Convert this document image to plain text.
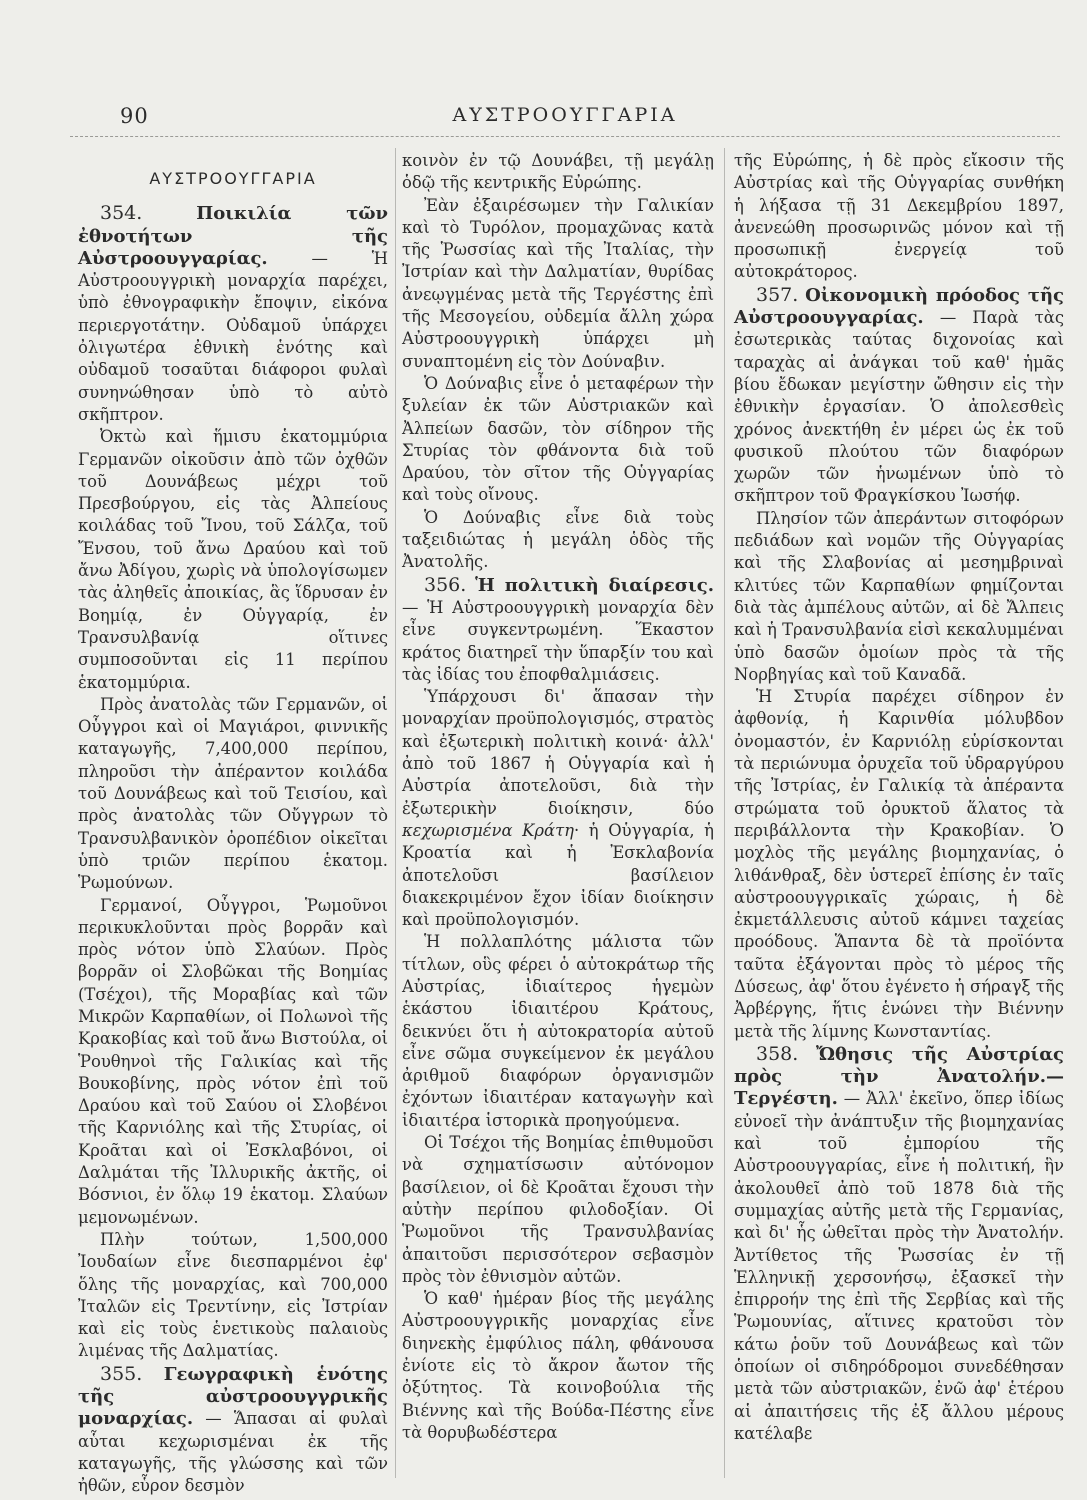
90	ΑΥΣΤΡΟΟΥΓΓΑΡΙΑ
ΑΥΣΤΡΟΟΥΓΓΑΡΙΑ

354.	Ποικιλία τῶν ἐθνοτήτων τῆς Αὐστροουγγαρίας. — Ἡ Αὐστροουγγρικὴ μοναρχία παρέχει, ὑπὸ ἐθνογραφικὴν ἔποψιν, εἰκόνα περιεργοτάτην. Οὐδαμοῦ ὑπάρχει ὀλιγωτέρα ἐθνικὴ ἑνότης καὶ οὐδαμοῦ τοσαῦται διάφοροι φυλαὶ συνηνώθησαν ὑπὸ τὸ αὐτὸ σκῆπτρον.

Ὀκτὼ καὶ ἥμισυ ἑκατομμύρια Γερμανῶν οἰκοῦσιν ἀπὸ τῶν ὀχθῶν τοῦ Δουνάβεως μέχρι τοῦ Πρεσβούργου, εἰς τὰς Ἀλπείους κοιλάδας τοῦ Ἴνου, τοῦ Σάλζα, τοῦ Ἔνσου, τοῦ ἄνω Δραύου καὶ τοῦ ἄνω Ἀδίγου, χωρὶς νὰ ὑπολογίσωμεν τὰς ἀληθεῖς ἀποικίας, ἃς ἵδρυσαν ἐν Βοημίᾳ, ἐν Οὑγγαρίᾳ, ἐν Τρανσυλβανίᾳ οἵτινες συμποσοῦνται εἰς 11 περίπου ἑκατομμύρια.

Πρὸς ἀνατολὰς τῶν Γερμανῶν, οἱ Οὗγγροι καὶ οἱ Μαγιάροι, φιννικῆς καταγωγῆς, 7,400,000 περίπου, πληροῦσι τὴν ἀπέραντον κοιλάδα τοῦ Δουνάβεως καὶ τοῦ Τεισίου, καὶ πρὸς ἀνατολὰς τῶν Οὔγγρων τὸ Τρανσυλβανικὸν ὀροπέδιον οἰκεῖται ὑπὸ τριῶν περίπου ἑκατομ. Ῥωμούνων.

Γερμανοί, Οὗγγροι, Ῥωμοῦνοι περικυκλοῦνται πρὸς βορρᾶν καὶ πρὸς νότον ὑπὸ Σλαύων. Πρὸς βορρᾶν οἱ Σλοβῶκαι τῆς Βοημίας (Τσέχοι), τῆς Μοραβίας καὶ τῶν Μικρῶν Καρπαθίων, οἱ Πολωνοὶ τῆς Κρακοβίας καὶ τοῦ ἄνω Βιστούλα, οἱ Ῥουθηνοὶ τῆς Γαλικίας καὶ τῆς Βουκοβίνης, πρὸς νότον ἐπὶ τοῦ Δραύου καὶ τοῦ Σαύου οἱ Σλοβένοι τῆς Καρνιόλης καὶ τῆς Στυρίας, οἱ Κροᾶται καὶ οἱ Ἐσκλαβόνοι, οἱ Δαλμάται τῆς Ἰλλυρικῆς ἀκτῆς, οἱ Βόσνιοι, ἐν ὅλῳ 19 ἑκατομ. Σλαύων μεμονωμένων.

Πλὴν τούτων, 1,500,000 Ἰουδαίων εἶνε διεσπαρμένοι ἐφ' ὅλης τῆς μοναρχίας, καὶ 700,000 Ἰταλῶν εἰς Τρεντίνην, εἰς Ἰστρίαν καὶ εἰς τοὺς ἑνετικοὺς παλαιοὺς λιμένας τῆς Δαλματίας.

355. Γεωγραφικὴ ἑνότης τῆς αὐστροουγγρικῆς μοναρχίας. — Ἅπασαι αἱ φυλαὶ αὗται κεχωρισμέναι ἐκ τῆς καταγωγῆς, τῆς γλώσσης καὶ τῶν ἠθῶν, εὗρον δεσμὸν

κοινὸν ἐν τῷ Δουνάβει, τῇ μεγάλῃ ὁδῷ τῆς κεντρικῆς Εὐρώπης.

Ἐὰν ἐξαιρέσωμεν τὴν Γαλικίαν καὶ τὸ Τυρόλον, προμαχῶνας κατὰ τῆς Ῥωσσίας καὶ τῆς Ἰταλίας, τὴν Ἰστρίαν καὶ τὴν Δαλματίαν, θυρίδας ἀνεῳγμένας μετὰ τῆς Τεργέστης ἐπὶ τῆς Μεσογείου, οὐδεμία ἄλλη χώρα Αὐστροουγγρικὴ ὑπάρχει μὴ συναπτομένη εἰς τὸν Δούναβιν.

Ὁ Δούναβις εἶνε ὁ μεταφέρων τὴν ξυλείαν ἐκ τῶν Αὐστριακῶν καὶ Ἀλπείων δασῶν, τὸν σίδηρον τῆς Στυρίας τὸν φθάνοντα διὰ τοῦ Δραύου, τὸν σῖτον τῆς Οὑγγαρίας καὶ τοὺς οἴνους.

Ὁ Δούναβις εἶνε διὰ τοὺς ταξειδιώτας ἡ μεγάλη ὁδὸς τῆς Ἀνατολῆς.

356. Ἡ πολιτικὴ διαίρεσις. — Ἡ Αὐστροουγγρικὴ μοναρχία δὲν εἶνε συγκεντρωμένη. Ἕκαστον κράτος διατηρεῖ τὴν ὕπαρξίν του καὶ τὰς ἰδίας του ἐποφθαλμιάσεις.

Ὑπάρχουσι δι' ἅπασαν τὴν μοναρχίαν προϋπολογισμός, στρατὸς καὶ ἐξωτερικὴ πολιτικὴ κοινά· ἀλλ' ἀπὸ τοῦ 1867 ἡ Οὑγγαρία καὶ ἡ Αὐστρία ἀποτελοῦσι, διὰ τὴν ἐξωτερικὴν διοίκησιν, δύο κεχωρισμένα Κράτη· ἡ Οὑγγαρία, ἡ Κροατία καὶ ἡ Ἐσκλαβονία ἀποτελοῦσι βασίλειον διακεκριμένον ἔχον ἰδίαν διοίκησιν καὶ προϋπολογισμόν.

Ἡ πολλαπλότης μάλιστα τῶν τίτλων, οὓς φέρει ὁ αὐτοκράτωρ τῆς Αὐστρίας, ἰδιαίτερος ἡγεμὼν ἑκάστου ἰδιαιτέρου Κράτους, δεικνύει ὅτι ἡ αὐτοκρατορία αὐτοῦ εἶνε σῶμα συγκείμενον ἐκ μεγάλου ἀριθμοῦ διαφόρων ὀργανισμῶν ἐχόντων ἰδιαιτέραν καταγωγὴν καὶ ἰδιαιτέρα ἱστορικὰ προηγούμενα.

Οἱ Τσέχοι τῆς Βοημίας ἐπιθυμοῦσι νὰ σχηματίσωσιν αὐτόνομον βασίλειον, οἱ δὲ Κροᾶται ἔχουσι τὴν αὐτὴν περίπου φιλοδοξίαν. Οἱ Ῥωμοῦνοι τῆς Τρανσυλβανίας ἀπαιτοῦσι περισσότερον σεβασμὸν πρὸς τὸν ἐθνισμὸν αὐτῶν.

Ὁ καθ' ἡμέραν βίος τῆς μεγάλης Αὐστροουγγρικῆς μοναρχίας εἶνε διηνεκὴς ἐμφύλιος πάλη, φθάνουσα ἐνίοτε εἰς τὸ ἄκρον ἄωτον τῆς ὀξύτητος. Τὰ κοινοβούλια τῆς Βιέννης καὶ τῆς Βούδα-Πέστης εἶνε τὰ θορυβωδέστερα

τῆς Εὐρώπης, ἡ δὲ πρὸς εἴκοσιν τῆς Αὐστρίας καὶ τῆς Οὑγγαρίας συνθήκη ἡ λήξασα τῇ 31 Δεκεμβρίου 1897, ἀνενεώθη προσωρινῶς μόνον καὶ τῇ προσωπικῇ ἐνεργείᾳ τοῦ αὐτοκράτορος.

357. Οἰκονομικὴ πρόοδος τῆς Αὐστροουγγαρίας. — Παρὰ τὰς ἐσωτερικὰς ταύτας διχονοίας καὶ ταραχὰς αἱ ἀνάγκαι τοῦ καθ' ἡμᾶς βίου ἔδωκαν μεγίστην ὤθησιν εἰς τὴν ἐθνικὴν ἐργασίαν. Ὁ ἀπολεσθεὶς χρόνος ἀνεκτήθη ἐν μέρει ὡς ἐκ τοῦ φυσικοῦ πλούτου τῶν διαφόρων χωρῶν τῶν ἡνωμένων ὑπὸ τὸ σκῆπτρον τοῦ Φραγκίσκου Ἰωσήφ.

Πλησίον τῶν ἀπεράντων σιτοφόρων πεδιάδων καὶ νομῶν τῆς Οὑγγαρίας καὶ τῆς Σλαβονίας αἱ μεσημβριναὶ κλιτύες τῶν Καρπαθίων φημίζονται διὰ τὰς ἀμπέλους αὐτῶν, αἱ δὲ Ἄλπεις καὶ ἡ Τρανσυλβανία εἰσὶ κεκαλυμμέναι ὑπὸ δασῶν ὁμοίων πρὸς τὰ τῆς Νορβηγίας καὶ τοῦ Καναδᾶ.

Ἡ Στυρία παρέχει σίδηρον ἐν ἀφθονίᾳ, ἡ Καρινθία μόλυβδον ὀνομαστόν, ἐν Καρνιόλῃ εὑρίσκονται τὰ περιώνυμα ὀρυχεῖα τοῦ ὑδραργύρου τῆς Ἰστρίας, ἐν Γαλικίᾳ τὰ ἀπέραντα στρώματα τοῦ ὀρυκτοῦ ἅλατος τὰ περιβάλλοντα τὴν Κρακοβίαν. Ὁ μοχλὸς τῆς μεγάλης βιομηχανίας, ὁ λιθάνθραξ, δὲν ὑστερεῖ ἐπίσης ἐν ταῖς αὐστροουγγρικαῖς χώραις, ἡ δὲ ἐκμετάλλευσις αὐτοῦ κάμνει ταχείας προόδους. Ἅπαντα δὲ τὰ προϊόντα ταῦτα ἐξάγονται πρὸς τὸ μέρος τῆς Δύσεως, ἀφ' ὅτου ἐγένετο ἡ σήραγξ τῆς Ἀρβέργης, ἥτις ἑνώνει τὴν Βιέννην μετὰ τῆς λίμνης Κωνσταντίας.

358. Ὤθησις τῆς Αὐστρίας πρὸς τὴν Ἀνατολήν.— Τεργέστη. — Ἀλλ' ἐκεῖνο, ὅπερ ἰδίως εὐνοεῖ τὴν ἀνάπτυξιν τῆς βιομηχανίας καὶ τοῦ ἐμπορίου τῆς Αὐστροουγγαρίας, εἶνε ἡ πολιτική, ἣν ἀκολουθεῖ ἀπὸ τοῦ 1878 διὰ τῆς συμμαχίας αὐτῆς μετὰ τῆς Γερμανίας, καὶ δι' ἧς ὠθεῖται πρὸς τὴν Ἀνατολήν. Ἀντίθετος τῆς Ῥωσσίας ἐν τῇ Ἑλληνικῇ χερσονήσῳ, ἐξασκεῖ τὴν ἐπιρροήν της ἐπὶ τῆς Σερβίας καὶ τῆς Ῥωμουνίας, αἵτινες κρατοῦσι τὸν κάτω ῥοῦν τοῦ Δουνάβεως καὶ τῶν ὁποίων οἱ σιδηρόδρομοι συνεδέθησαν μετὰ τῶν αὐστριακῶν, ἐνῶ ἀφ' ἑτέρου αἱ ἀπαιτήσεις τῆς ἐξ ἄλλου μέρους κατέλαβε
